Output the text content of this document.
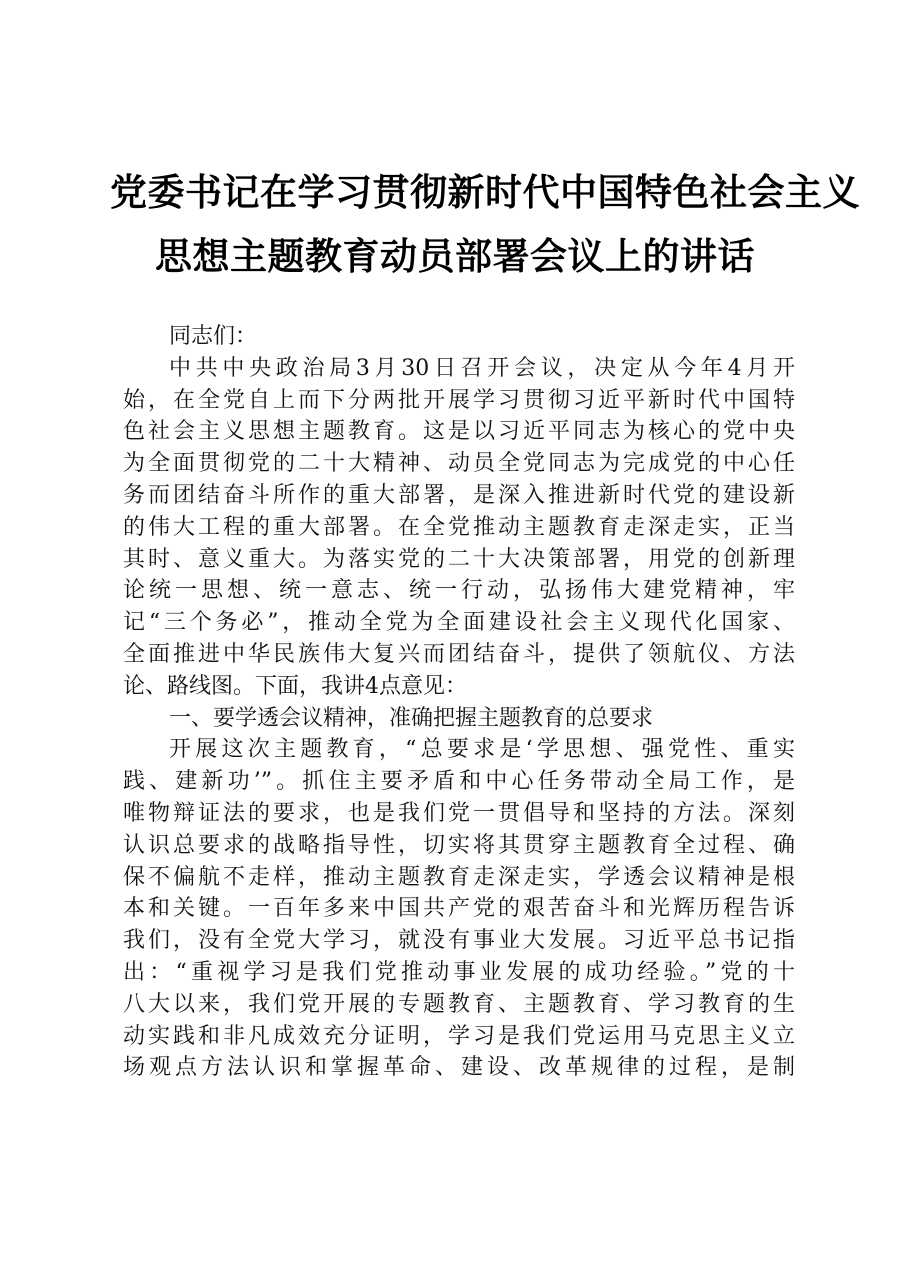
党委书记在学习贯彻新时代中国特色社会主义
思想主题教育动员部署会议上的讲话
同志们：
中共中央政治局3月30日召开会议，决定从今年4月开
始，在全党自上而下分两批开展学习贯彻习近平新时代中国特
色社会主义思想主题教育。这是以习近平同志为核心的党中央
为全面贯彻党的二十大精神、动员全党同志为完成党的中心任
务而团结奋斗所作的重大部署，是深入推进新时代党的建设新
的伟大工程的重大部署。在全党推动主题教育走深走实，正当
其时、意义重大。为落实党的二十大决策部署，用党的创新理
论统一思想、统一意志、统一行动，弘扬伟大建党精神，牢
记“三个务必”，推动全党为全面建设社会主义现代化国家、
全面推进中华民族伟大复兴而团结奋斗，提供了领航仪、方法
论、路线图。下面，我讲4点意见：
一、要学透会议精神，准确把握主题教育的总要求
开展这次主题教育，“总要求是‘学思想、强党性、重实
践、建新功’”。抓住主要矛盾和中心任务带动全局工作，是
唯物辩证法的要求，也是我们党一贯倡导和坚持的方法。深刻
认识总要求的战略指导性，切实将其贯穿主题教育全过程、确
保不偏航不走样，推动主题教育走深走实，学透会议精神是根
本和关键。一百年多来中国共产党的艰苦奋斗和光辉历程告诉
我们，没有全党大学习，就没有事业大发展。习近平总书记指
出：“重视学习是我们党推动事业发展的成功经验。”党的十
八大以来，我们党开展的专题教育、主题教育、学习教育的生
动实践和非凡成效充分证明，学习是我们党运用马克思主义立
场观点方法认识和掌握革命、建设、改革规律的过程，是制
